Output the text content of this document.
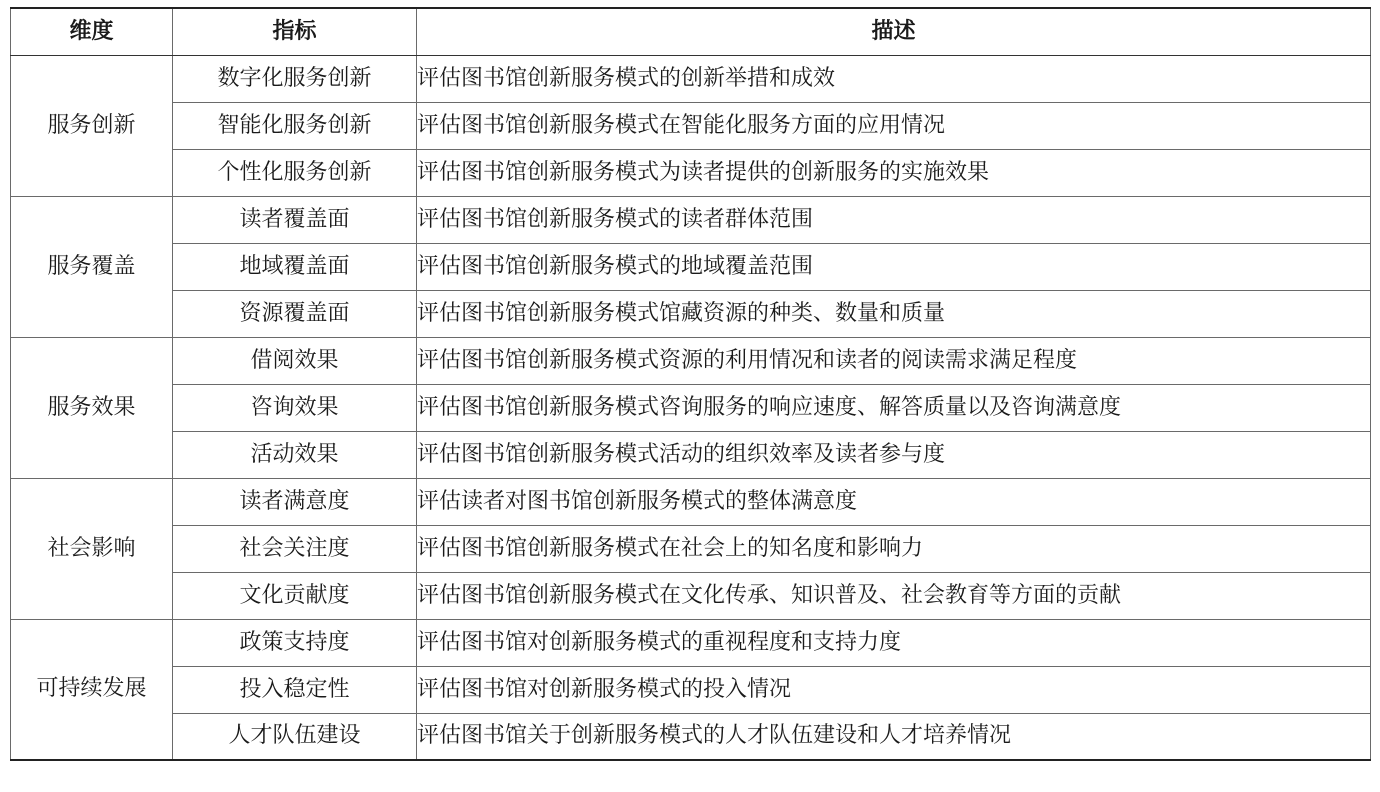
维度	指标	描述
服务创新	数字化服务创新	评估图书馆创新服务模式的创新举措和成效
	智能化服务创新	评估图书馆创新服务模式在智能化服务方面的应用情况
	个性化服务创新	评估图书馆创新服务模式为读者提供的创新服务的实施效果
服务覆盖	读者覆盖面	评估图书馆创新服务模式的读者群体范围
	地域覆盖面	评估图书馆创新服务模式的地域覆盖范围
	资源覆盖面	评估图书馆创新服务模式馆藏资源的种类、数量和质量
服务效果	借阅效果	评估图书馆创新服务模式资源的利用情况和读者的阅读需求满足程度
	咨询效果	评估图书馆创新服务模式咨询服务的响应速度、解答质量以及咨询满意度
	活动效果	评估图书馆创新服务模式活动的组织效率及读者参与度
社会影响	读者满意度	评估读者对图书馆创新服务模式的整体满意度
	社会关注度	评估图书馆创新服务模式在社会上的知名度和影响力
	文化贡献度	评估图书馆创新服务模式在文化传承、知识普及、社会教育等方面的贡献
可持续发展	政策支持度	评估图书馆对创新服务模式的重视程度和支持力度
	投入稳定性	评估图书馆对创新服务模式的投入情况
	人才队伍建设	评估图书馆关于创新服务模式的人才队伍建设和人才培养情况
